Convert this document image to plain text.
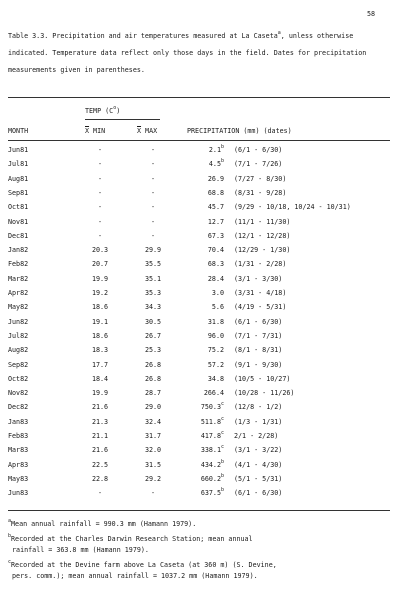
58
Table 3.3. Precipitation and air temperatures measured at La Caseta$^a$, unless otherwise indicated. Temperature data reflect only those days in the field. Dates for precipitation measurements given in parentheses.
TEMP $(C^o)$
MONTH	$\overline{X}$ MIN	$\overline{X}$ MAX	PRECIPITATION (mm) (dates)
Jun81	-	-	2.1$^b$ (6/1 - 6/30)
Jul81	-	-	4.5$^b$ (7/1 - 7/26)
Aug81	-	-	26.9 (7/27 - 8/30)
Sep81	-	-	68.8 (8/31 - 9/28)
Oct81	-	-	45.7 (9/29 - 10/18, 10/24 - 10/31)
Nov81	-	-	12.7 (11/1 - 11/30)
Dec81	-	-	67.3 (12/1 - 12/28)
Jan82	20.3	29.9	70.4 (12/29 - 1/30)
Feb82	20.7	35.5	68.3 (1/31 - 2/28)
Mar82	19.9	35.1	28.4 (3/1 - 3/30)
Apr82	19.2	35.3	3.0 (3/31 - 4/18)
May82	18.6	34.3	5.6 (4/19 - 5/31)
Jun82	19.1	30.5	31.8 (6/1 - 6/30)
Jul82	18.6	26.7	96.0 (7/1 - 7/31)
Aug82	18.3	25.3	75.2 (8/1 - 8/31)
Sep82	17.7	26.8	57.2 (9/1 - 9/30)
Oct82	18.4	26.8	34.8 (10/5 - 10/27)
Nov82	19.9	28.7	266.4 (10/28 - 11/26)
Dec82	21.6	29.0	750.3$^c$ (12/8 - 1/2)
Jan83	21.3	32.4	511.8$^c$ (1/3 - 1/31)
Feb83	21.1	31.7	417.8$^c$ 2/1 - 2/28)
Mar83	21.6	32.0	338.1$^c$ (3/1 - 3/22)
Apr83	22.5	31.5	434.2$^b$ (4/1 - 4/30)
May83	22.8	29.2	660.2$^b$ (5/1 - 5/31)
Jun83	-	-	637.5$^b$ (6/1 - 6/30)
$^a$Mean annual rainfall = 990.3 mm (Hamann 1979).
$^b$Recorded at the Charles Darwin Research Station; mean annual
rainfall = 363.8 mm (Hamann 1979).
$^c$Recorded at the Devine farm above La Caseta (at 360 m) (S. Devine,
pers. comm.); mean annual rainfall = 1037.2 mm (Hamann 1979).
